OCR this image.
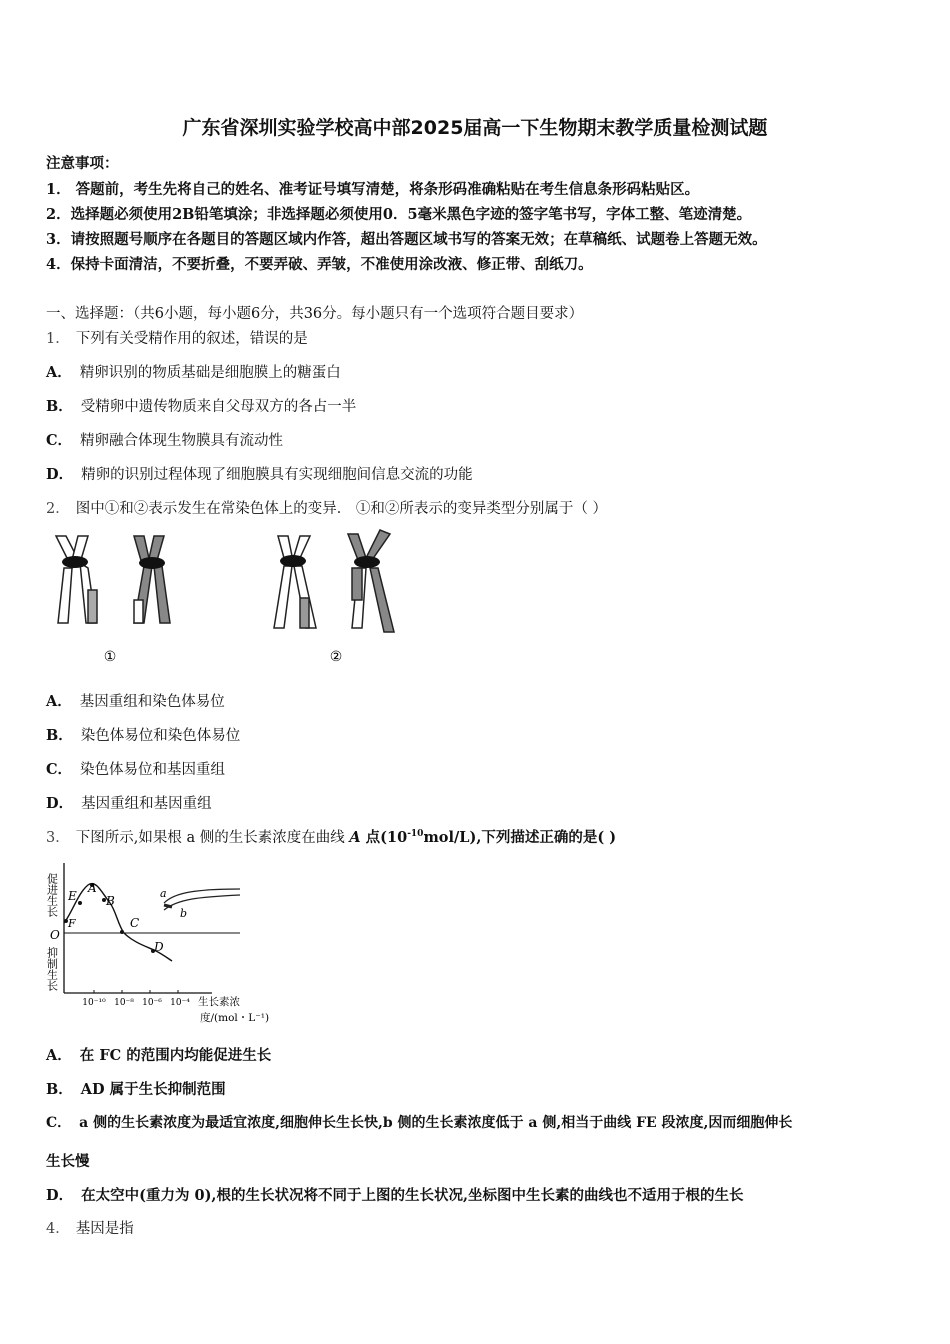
广东省深圳实验学校高中部2025届高一下生物期末教学质量检测试题
注意事项：
1． 答题前，考生先将自己的姓名、准考证号填写清楚，将条形码准确粘贴在考生信息条形码粘贴区。
2．选择题必须使用2B铅笔填涂；非选择题必须使用0．5毫米黑色字迹的签字笔书写，字体工整、笔迹清楚。
3．请按照题号顺序在各题目的答题区域内作答，超出答题区域书写的答案无效；在草稿纸、试题卷上答题无效。
4．保持卡面清洁，不要折叠，不要弄破、弄皱，不准使用涂改液、修正带、刮纸刀。
一、选择题：（共6小题，每小题6分，共36分。每小题只有一个选项符合题目要求）
1． 下列有关受精作用的叙述，错误的是
A． 精卵识别的物质基础是细胞膜上的糖蛋白
B． 受精卵中遗传物质来自父母双方的各占一半
C． 精卵融合体现生物膜具有流动性
D． 精卵的识别过程体现了细胞膜具有实现细胞间信息交流的功能
2． 图中①和②表示发生在常染色体上的变异． ①和②所表示的变异类型分别属于（ ）
①	②
A． 基因重组和染色体易位
B． 染色体易位和染色体易位
C． 染色体易位和基因重组
D． 基因重组和基因重组
3． 下图所示,如果根 a 侧的生长素浓度在曲线 A 点$(10^{-10}mol/L)$,下列描述正确的是( )
促进生长
抑制生长
O
E
A
B
C
D
F
10⁻¹⁰ 10⁻⁸ 10⁻⁶ 10⁻⁴ 生长素浓
度/(mol・L⁻¹)
a
b
A． 在 FC 的范围内均能促进生长
B． AD 属于生长抑制范围
C． a 侧的生长素浓度为最适宜浓度,细胞伸长生长快,b 侧的生长素浓度低于 a 侧,相当于曲线 FE 段浓度,因而细胞伸长
生长慢
D． 在太空中(重力为 0),根的生长状况将不同于上图的生长状况,坐标图中生长素的曲线也不适用于根的生长
4． 基因是指
